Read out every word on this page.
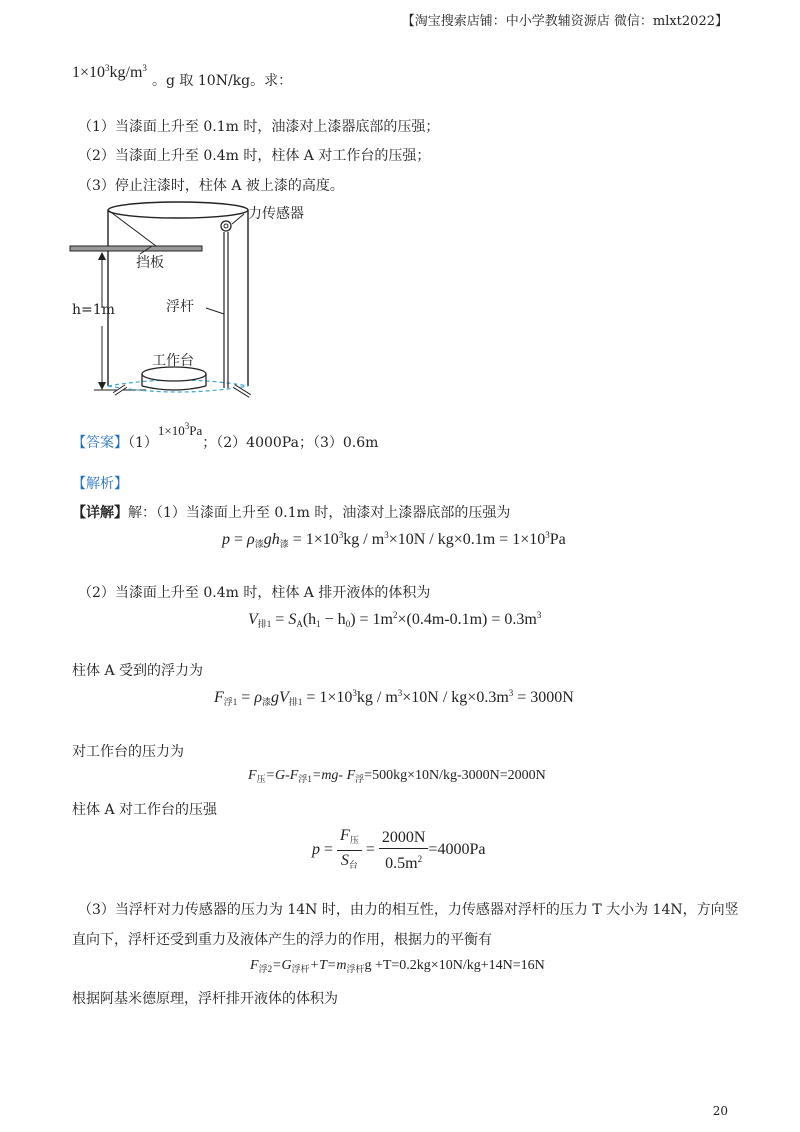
【淘宝搜索店铺：中小学教辅资源店 微信：mlxt2022】
$1\times 10^3kg/m^3$ 。g 取 10N/kg。求：
（1）当漆面上升至 0.1m 时，油漆对上漆器底部的压强；
（2）当漆面上升至 0.4m 时，柱体 A 对工作台的压强；
（3）停止注漆时，柱体 A 被上漆的高度。
力传感器
挡板
h=1m	浮杆
工作台
【答案】$(1)1\times 10^3Pa$；（2）4000Pa；（3）0.6m
【解析】
【详解】解：（1）当漆面上升至 0.1m 时，油漆对上漆器底部的压强为
$p = \rho_漆gh_漆 = 1\times 10^3kg / m^3\times 10N / kg\times 0.1m = 1\times 10^3Pa$
（2）当漆面上升至 0.4m 时，柱体 A 排开液体的体积为
$V_{排1} = S_A(h_1 - h_0) = 1m^2\times(0.4m-0.1m) = 0.3m^3$
柱体 A 受到的浮力为
$F_{浮1} = \rho_漆gV_{排1} = 1\times 10^3kg / m^3\times 10N / kg\times 0.3m^3 = 3000N$
对工作台的压力为
$F_压=G-F_{浮1}=mg-$ $F_浮=500kg\times 10N/kg-3000N=2000N$
柱体 A 对工作台的压强
$p = \frac{F_压}{S_台} = \frac{2000N}{0.5m^2} =4000Pa$
（3）当浮杆对力传感器的压力为 14N 时，由力的相互性，力传感器对浮杆的压力 T 大小为 14N，方向竖
直向下，浮杆还受到重力及液体产生的浮力的作用，根据力的平衡有
$F_{浮2}=G_{浮杆}+T=m_{浮杆}g +T=0.2kg\times 10N/kg+14N=16N$
根据阿基米德原理，浮杆排开液体的体积为
20
